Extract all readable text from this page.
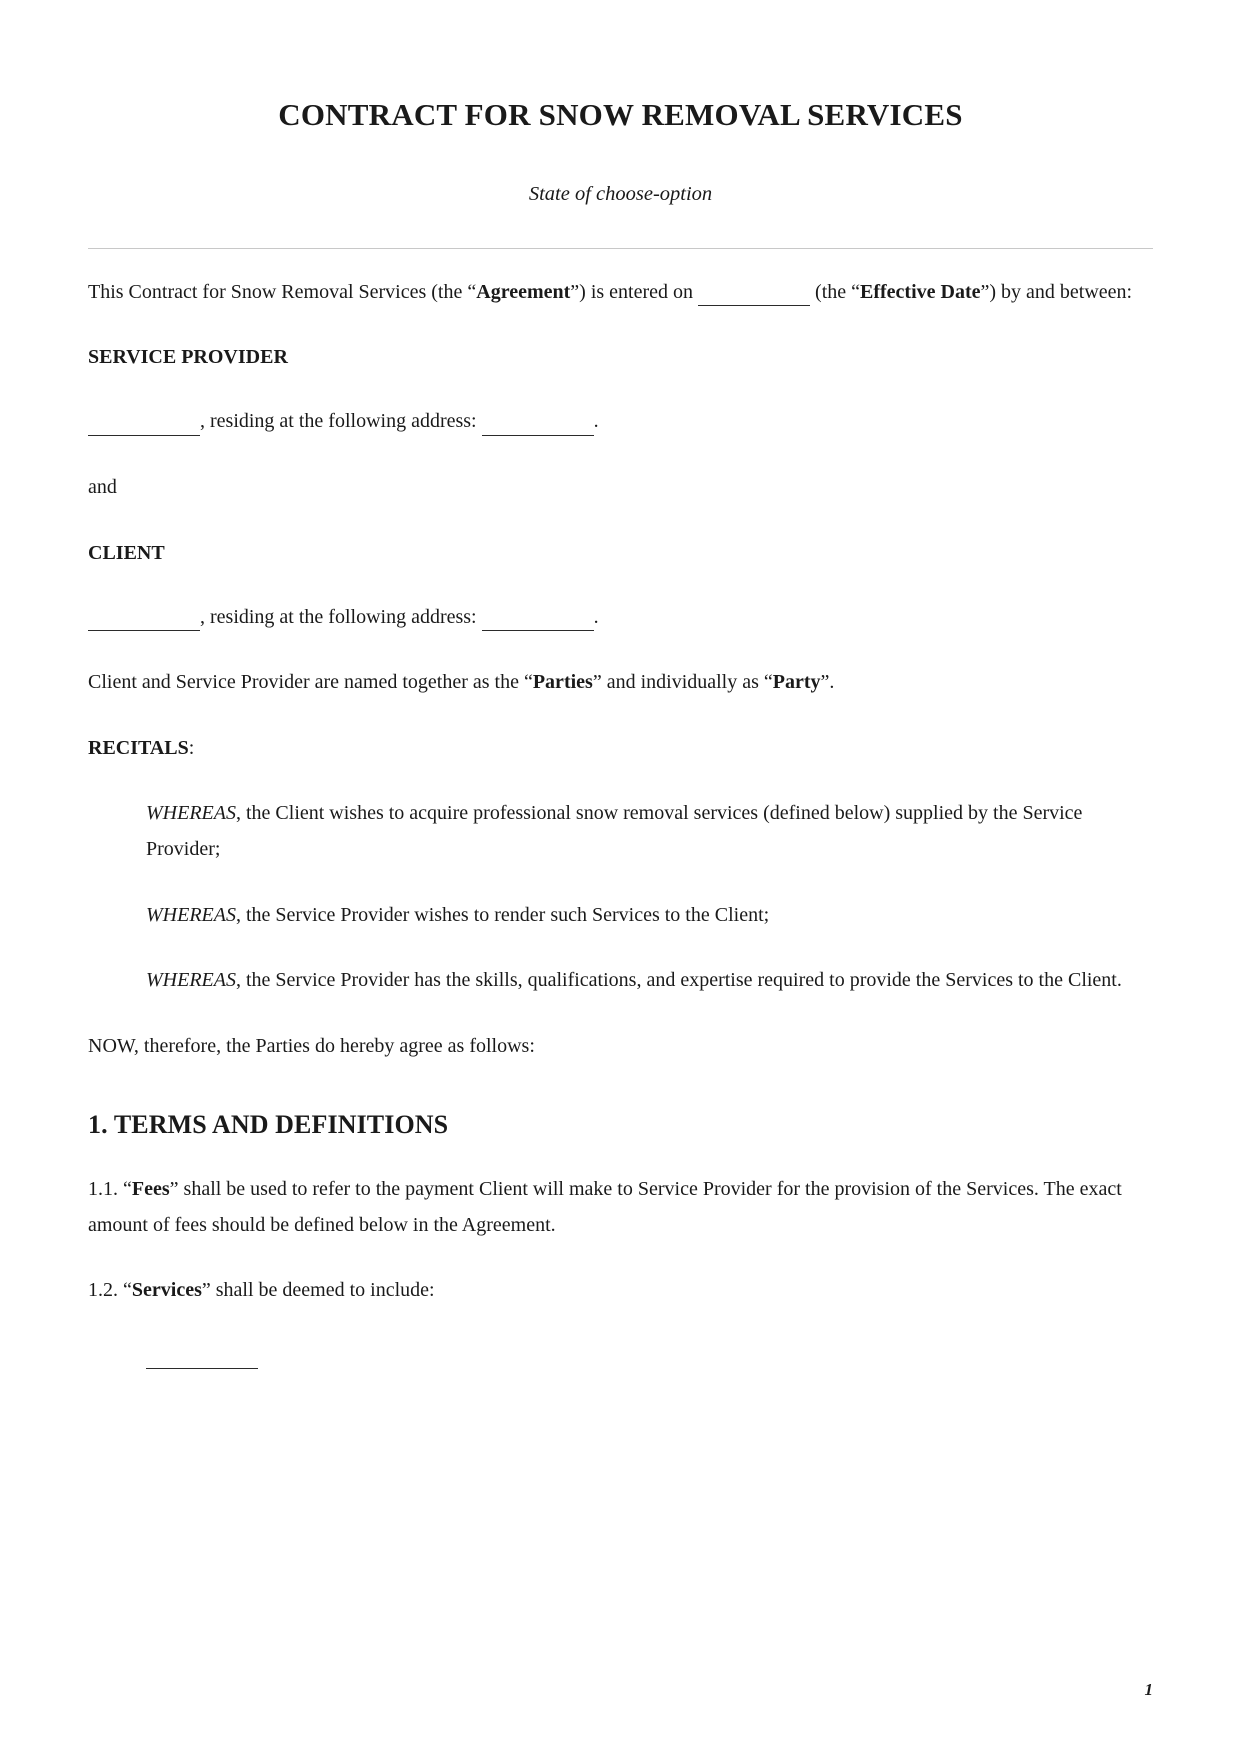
CONTRACT FOR SNOW REMOVAL SERVICES
State of choose-option

This Contract for Snow Removal Services (the “Agreement”) is entered on	(the “Effective Date”) by and between:

SERVICE PROVIDER

, residing at the following address:	.

and

CLIENT

, residing at the following address:	.

Client and Service Provider are named together as the “Parties” and individually as “Party”.

RECITALS:

WHEREAS, the Client wishes to acquire professional snow removal services (defined below) supplied by the Service Provider;

WHEREAS, the Service Provider wishes to render such Services to the Client;

WHEREAS, the Service Provider has the skills, qualifications, and expertise required to provide the Services to the Client.

NOW, therefore, the Parties do hereby agree as follows:

1. TERMS AND DEFINITIONS

1.1. “Fees” shall be used to refer to the payment Client will make to Service Provider for the provision of the Services. The exact amount of fees should be defined below in the Agreement.

1.2. “Services” shall be deemed to include:

1
